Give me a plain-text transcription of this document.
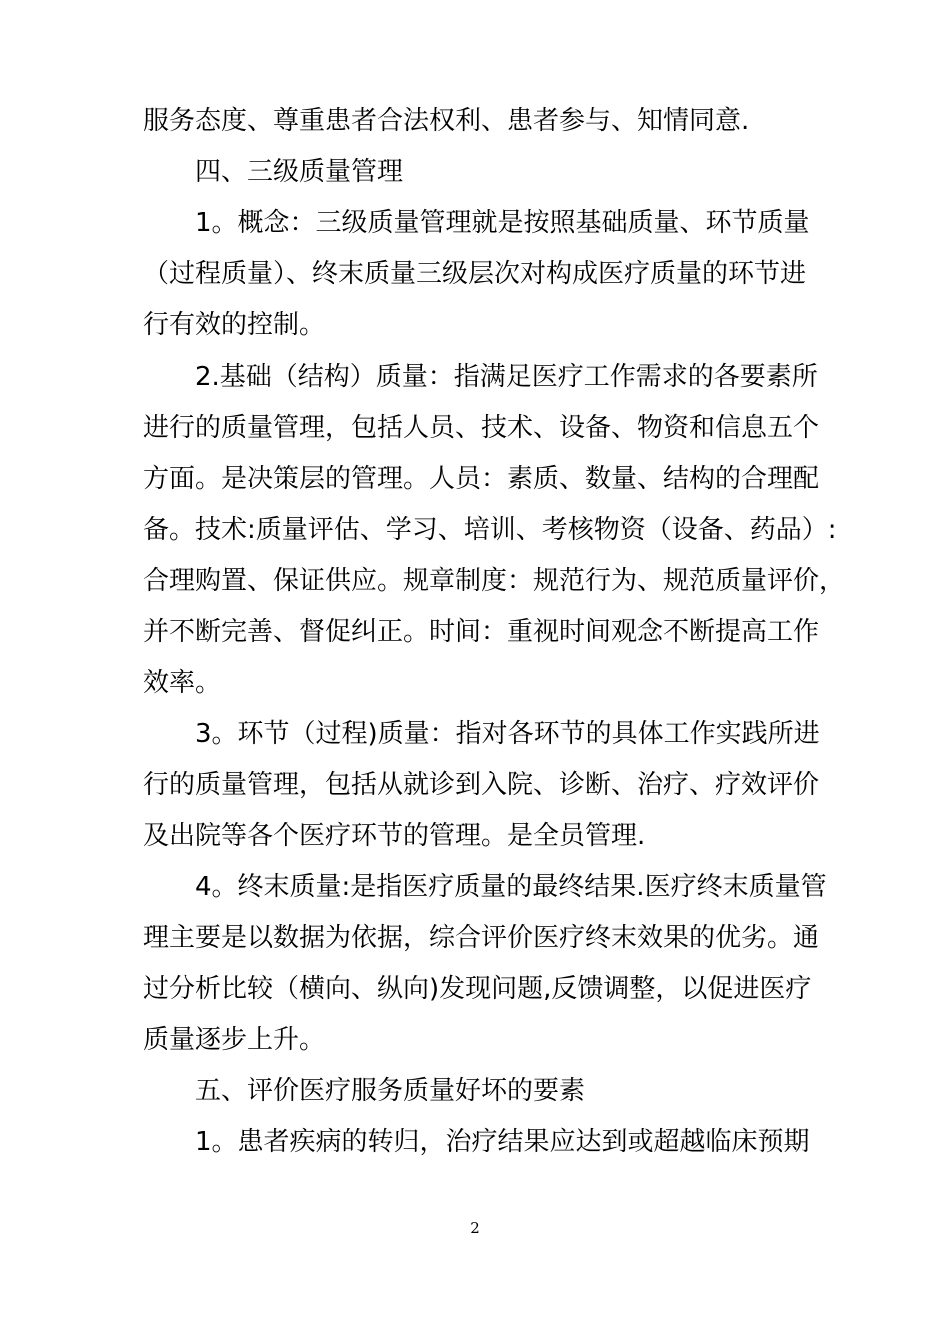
服务态度、尊重患者合法权利、患者参与、知情同意.
四、三级质量管理
1。概念：三级质量管理就是按照基础质量、环节质量
（过程质量）、终末质量三级层次对构成医疗质量的环节进
行有效的控制。
2.基础（结构）质量：指满足医疗工作需求的各要素所
进行的质量管理，包括人员、技术、设备、物资和信息五个
方面。是决策层的管理。人员：素质、数量、结构的合理配
备。技术:质量评估、学习、培训、考核物资（设备、药品）:
合理购置、保证供应。规章制度：规范行为、规范质量评价，
并不断完善、督促纠正。时间：重视时间观念不断提高工作
效率。
3。环节（过程)质量：指对各环节的具体工作实践所进
行的质量管理，包括从就诊到入院、诊断、治疗、疗效评价
及出院等各个医疗环节的管理。是全员管理.
4。终末质量:是指医疗质量的最终结果.医疗终末质量管
理主要是以数据为依据，综合评价医疗终末效果的优劣。通
过分析比较（横向、纵向)发现问题,反馈调整，以促进医疗
质量逐步上升。
五、评价医疗服务质量好坏的要素
1。患者疾病的转归，治疗结果应达到或超越临床预期
2
